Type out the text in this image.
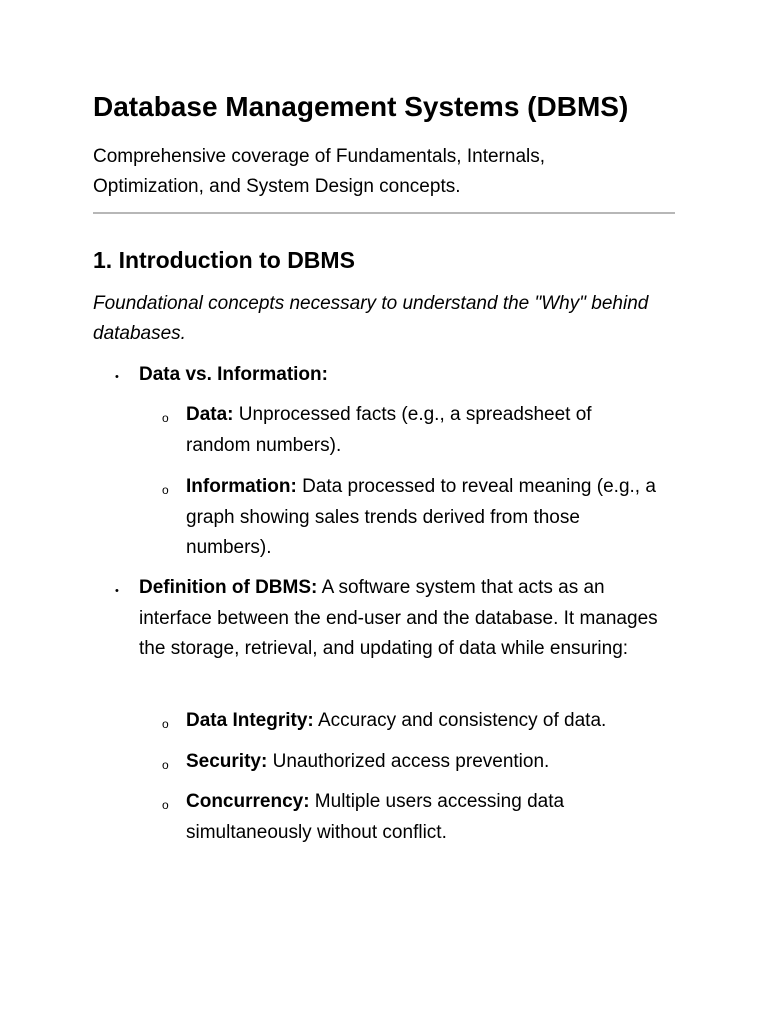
Database Management Systems (DBMS)

Comprehensive coverage of Fundamentals, Internals, Optimization, and System Design concepts.

1. Introduction to DBMS

Foundational concepts necessary to understand the "Why" behind databases.

• Data vs. Information:

o Data: Unprocessed facts (e.g., a spreadsheet of random numbers).

o Information: Data processed to reveal meaning (e.g., a graph showing sales trends derived from those numbers).

• Definition of DBMS: A software system that acts as an interface between the end-user and the database. It manages the storage, retrieval, and updating of data while ensuring:

o Data Integrity: Accuracy and consistency of data.

o Security: Unauthorized access prevention.

o Concurrency: Multiple users accessing data simultaneously without conflict.
